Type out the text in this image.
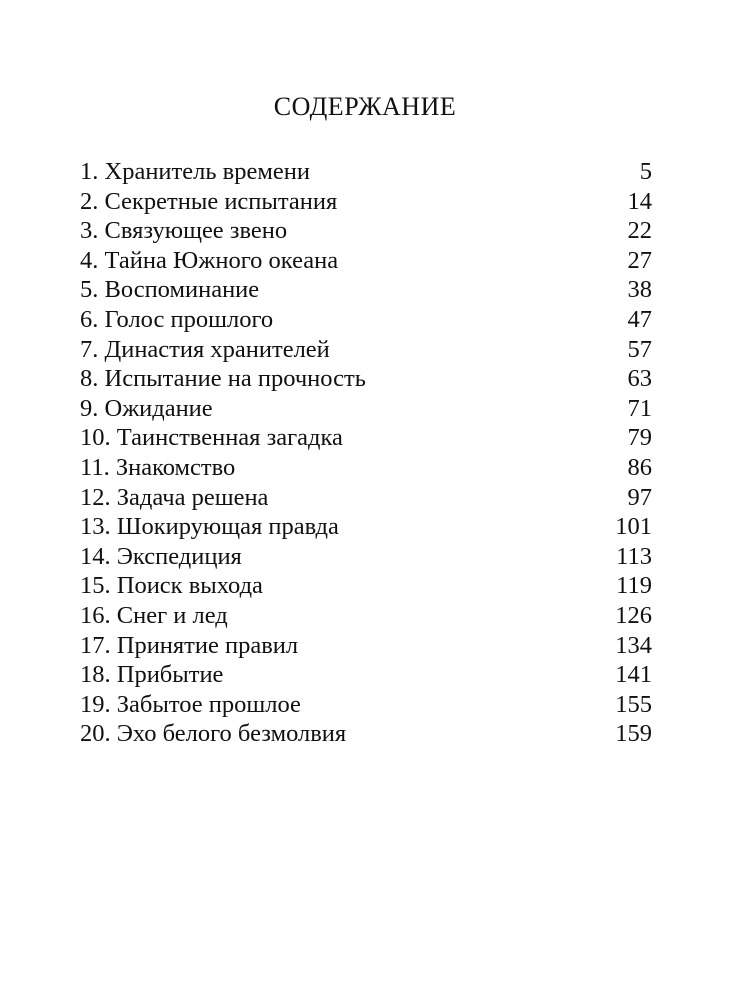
СОДЕРЖАНИЕ
1. Хранитель времени	5
2. Секретные испытания	14
3. Связующее звено	22
4. Тайна Южного океана	27
5. Воспоминание	38
6. Голос прошлого	47
7. Династия хранителей	57
8. Испытание на прочность	63
9. Ожидание	71
10. Таинственная загадка	79
11. Знакомство	86
12. Задача решена	97
13. Шокирующая правда	101
14. Экспедиция	113
15. Поиск выхода	119
16. Снег и лед	126
17. Принятие правил	134
18. Прибытие	141
19. Забытое прошлое	155
20. Эхо белого безмолвия	159
